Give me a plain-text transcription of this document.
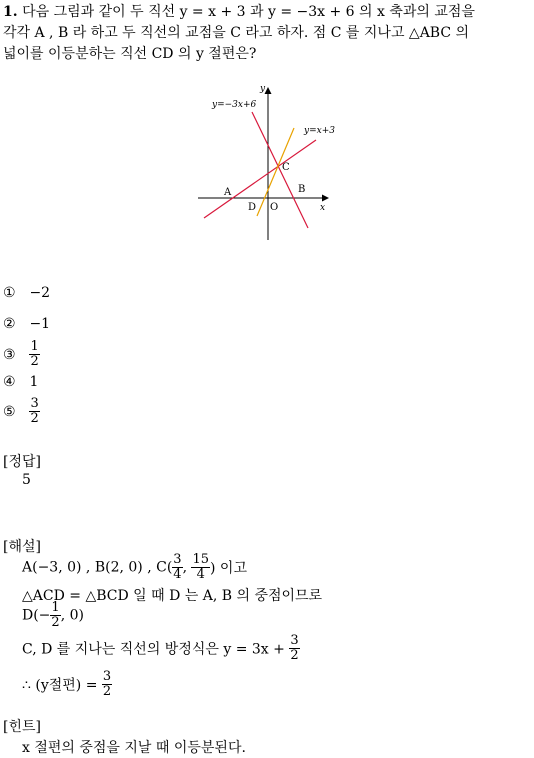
1. 다음 그림과 같이 두 직선 y = x + 3 과 y = −3x + 6 의 x 축과의 교점을
각각 A , B 라 하고 두 직선의 교점을 C 라고 하자. 점 C 를 지나고 △ABC 의
넓이를 이등분하는 직선 CD 의 y 절편은?
y=−3x+6
y=x+3
y
x
A	B
C
D O
① −2
② −1
③ $\frac{1}{2}$
④ 1
⑤ $\frac{3}{2}$
[정답]
5
[해설]
A(−3, 0) , B(2, 0) , $C( \frac{3}{4}$ , $\frac{15}{4}$ ) 이고
△ACD = △BCD 일 때 D 는 A, B 의 중점이므로
$D(- \frac{1}{2}$ , 0)
C, D 를 지나는 직선의 방정식은 $y = 3x + \frac{3}{2}$
∴ (y절편) = $\frac{3}{2}$
[힌트]
x 절편의 중점을 지날 때 이등분된다.
